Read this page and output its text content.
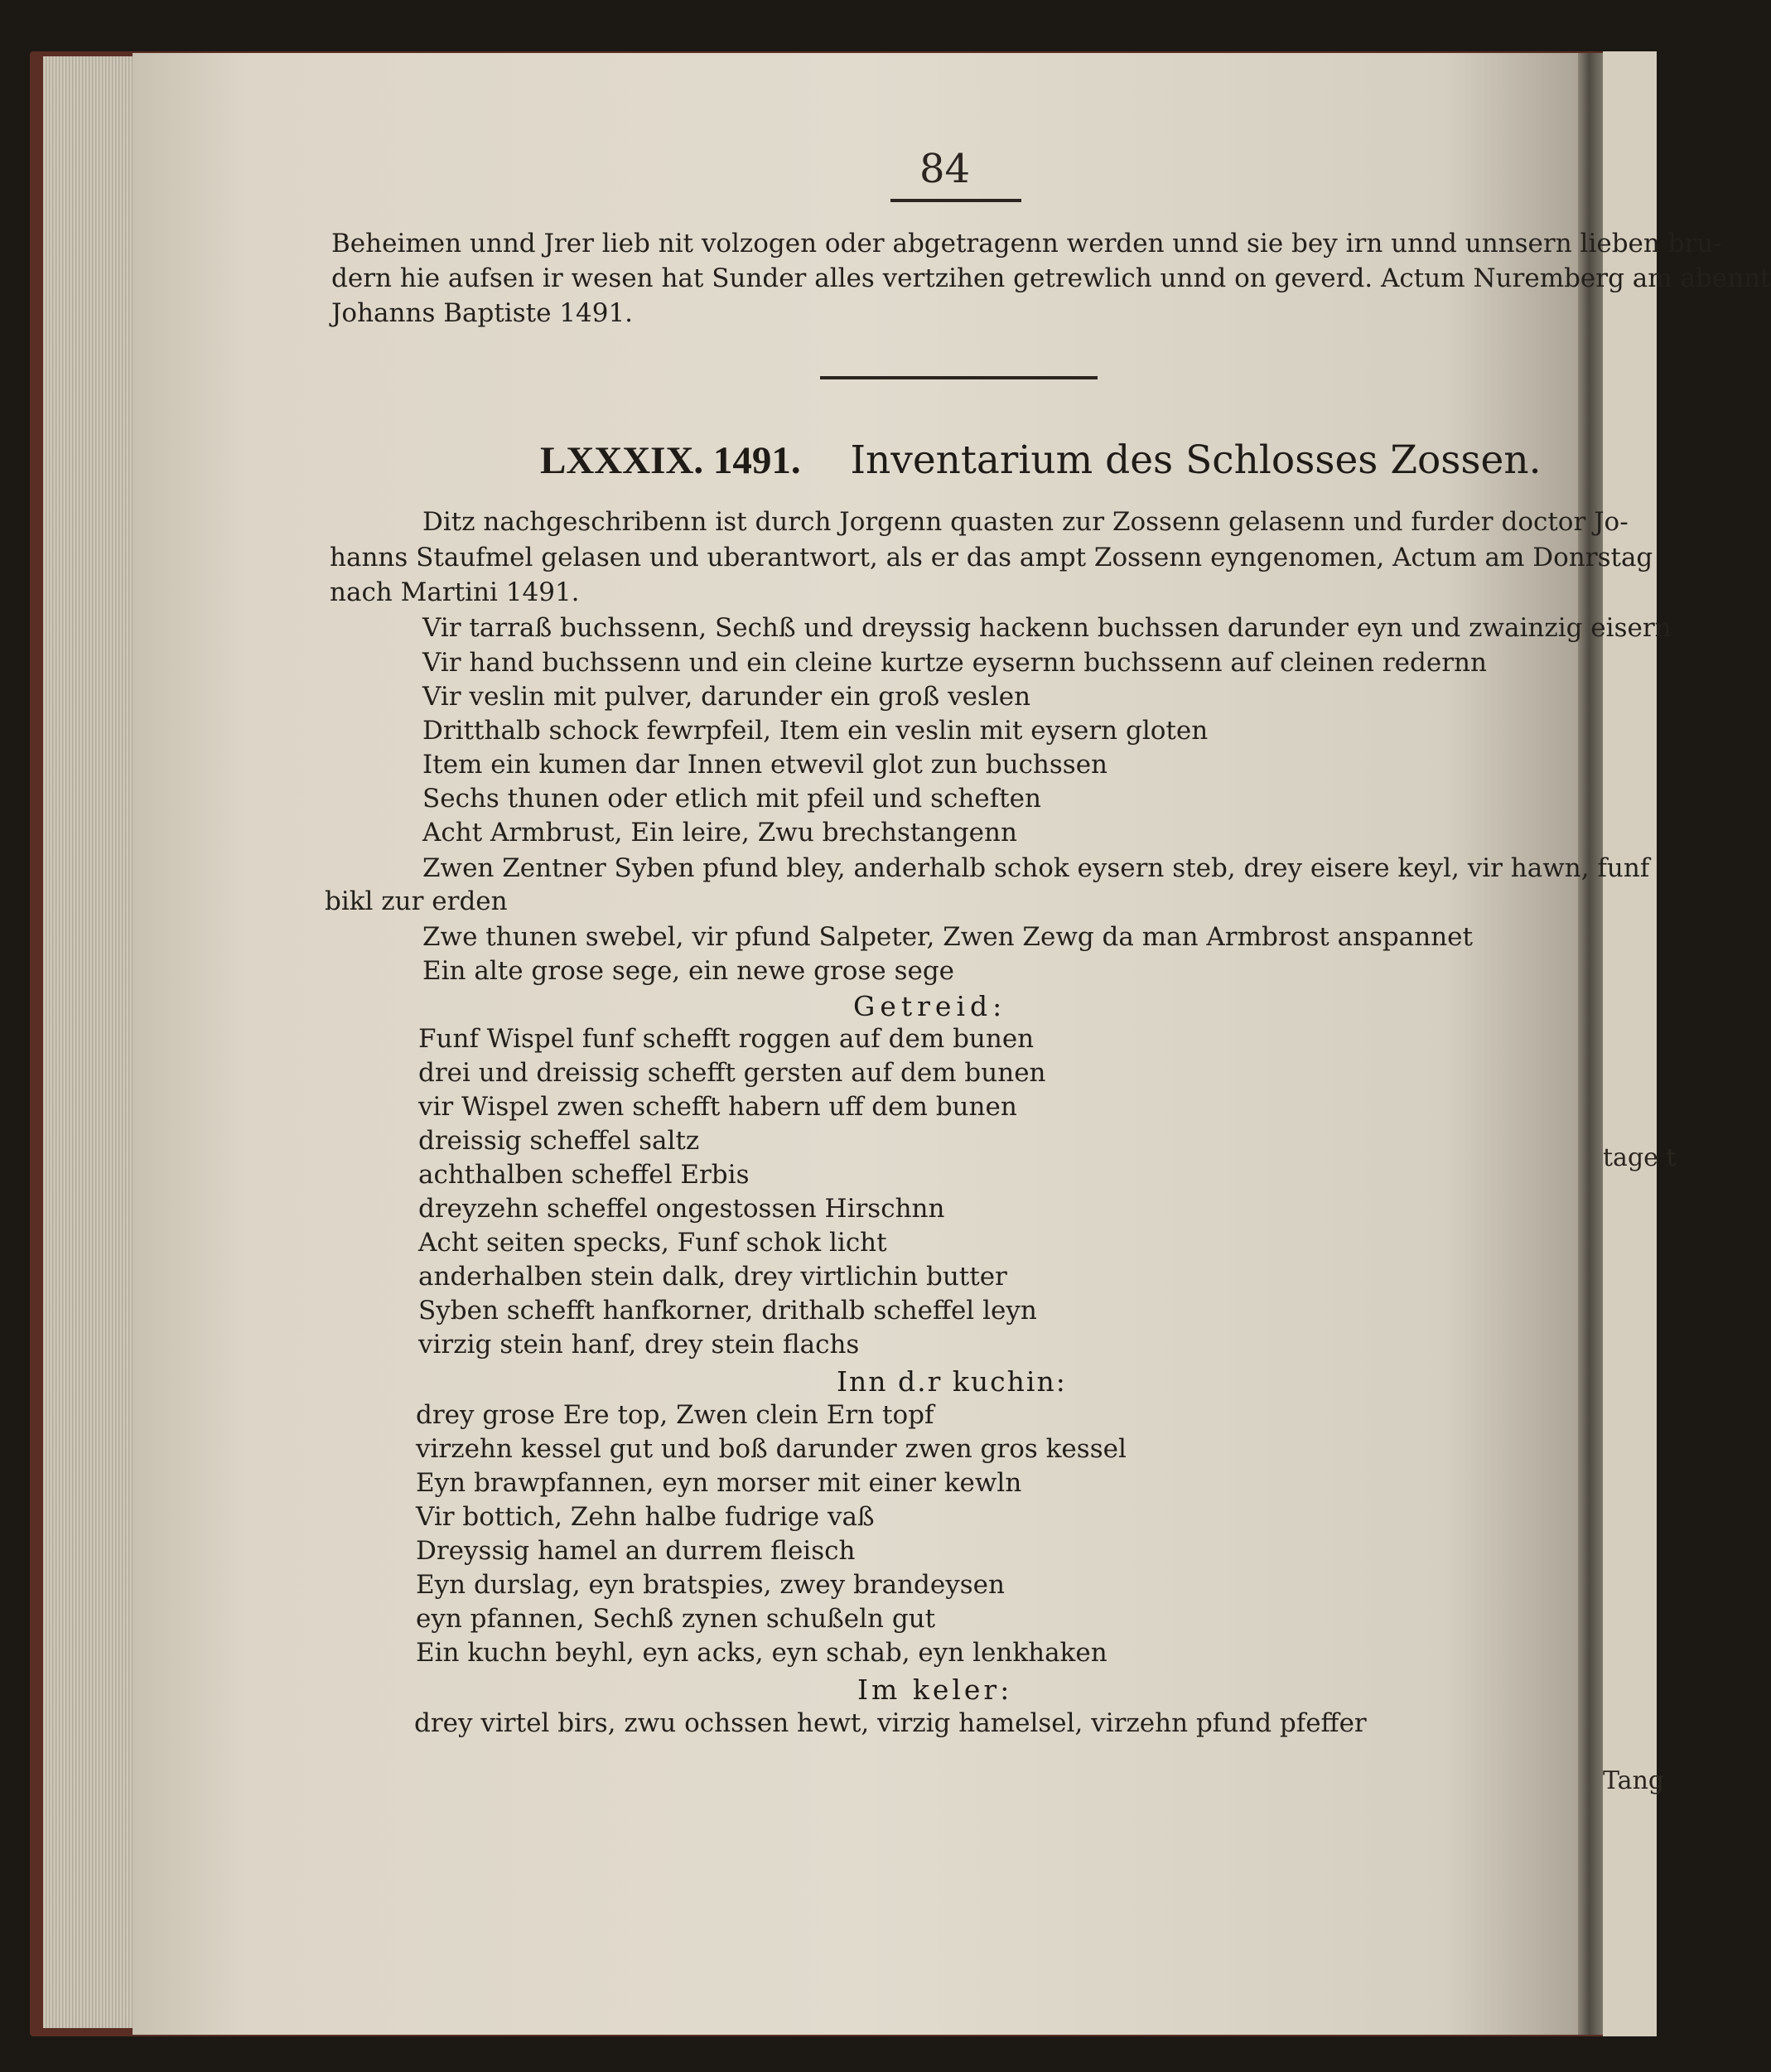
tage t
Tang
84
Beheimen unnd Jrer lieb nit volzogen oder abgetragenn werden unnd sie bey irn unnd unnsern lieben bru-
dern hie aufsen ir wesen hat Sunder alles vertzihen getrewlich unnd on geverd. Actum Nuremberg am abennt
Johanns Baptiste 1491.
LXXXIX. 1491. Inventarium des Schlosses Zossen.
Ditz nachgeschribenn ist durch Jorgenn quasten zur Zossenn gelasenn und furder doctor Jo-
hanns Staufmel gelasen und uberantwort, als er das ampt Zossenn eyngenomen, Actum am Donrstag
nach Martini 1491.
Vir tarraß buchssenn, Sechß und dreyssig hackenn buchssen darunder eyn und zwainzig eisern
Vir hand buchssenn und ein cleine kurtze eysernn buchssenn auf cleinen redernn
Vir veslin mit pulver, darunder ein groß veslen
Dritthalb schock fewrpfeil, Item ein veslin mit eysern gloten
Item ein kumen dar Innen etwevil glot zun buchssen
Sechs thunen oder etlich mit pfeil und scheften
Acht Armbrust, Ein leire, Zwu brechstangenn
Zwen Zentner Syben pfund bley, anderhalb schok eysern steb, drey eisere keyl, vir hawn, funf
bikl zur erden
Zwe thunen swebel, vir pfund Salpeter, Zwen Zewg da man Armbrost anspannet
Ein alte grose sege, ein newe grose sege
Getreid:
Funf Wispel funf schefft roggen auf dem bunen
drei und dreissig schefft gersten auf dem bunen
vir Wispel zwen schefft habern uff dem bunen
dreissig scheffel saltz
achthalben scheffel Erbis
dreyzehn scheffel ongestossen Hirschnn
Acht seiten specks, Funf schok licht
anderhalben stein dalk, drey virtlichin butter
Syben schefft hanfkorner, drithalb scheffel leyn
virzig stein hanf, drey stein flachs
Inn d.r kuchin:
drey grose Ere top, Zwen clein Ern topf
virzehn kessel gut und boß darunder zwen gros kessel
Eyn brawpfannen, eyn morser mit einer kewln
Vir bottich, Zehn halbe fudrige vaß
Dreyssig hamel an durrem fleisch
Eyn durslag, eyn bratspies, zwey brandeysen
eyn pfannen, Sechß zynen schußeln gut
Ein kuchn beyhl, eyn acks, eyn schab, eyn lenkhaken
Im keler:
drey virtel birs, zwu ochssen hewt, virzig hamelsel, virzehn pfund pfeffer
